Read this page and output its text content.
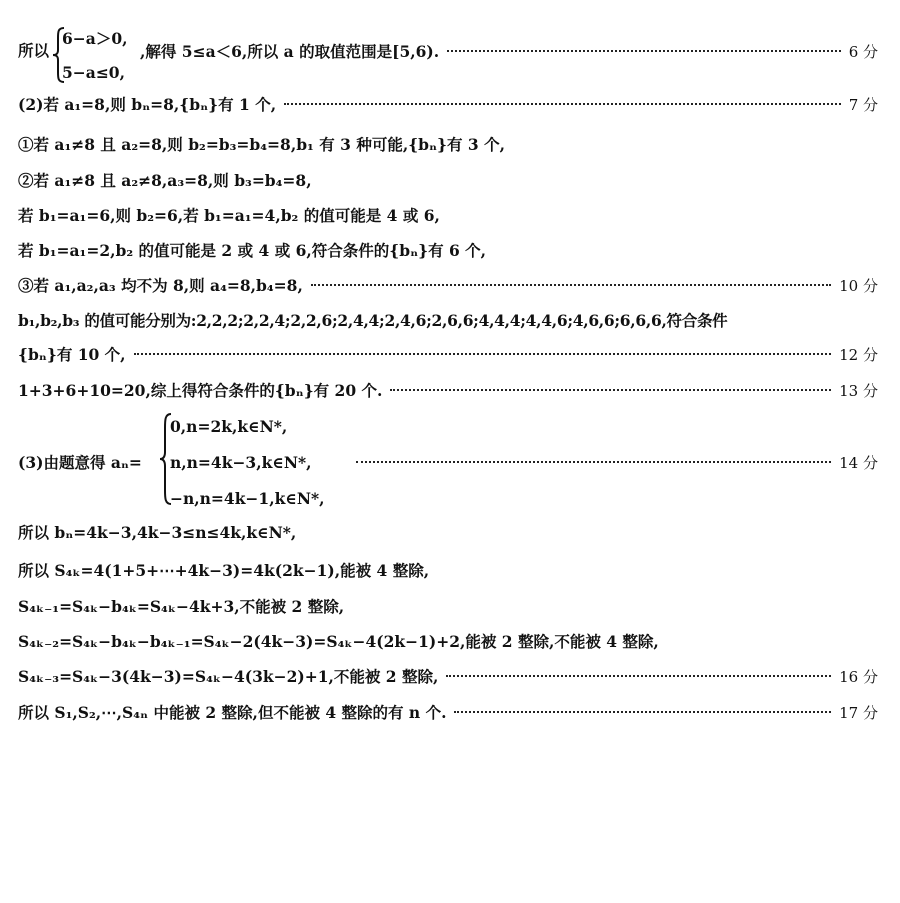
所以
6−a＞0,
5−a≤0,
,解得 5≤a＜6,所以 a 的取值范围是[5,6).	6 分
(2)若 a₁=8,则 bₙ=8,{bₙ}有 1 个,	7 分
①若 a₁≠8 且 a₂=8,则 b₂=b₃=b₄=8,b₁ 有 3 种可能,{bₙ}有 3 个,
②若 a₁≠8 且 a₂≠8,a₃=8,则 b₃=b₄=8,
若 b₁=a₁=6,则 b₂=6,若 b₁=a₁=4,b₂ 的值可能是 4 或 6,
若 b₁=a₁=2,b₂ 的值可能是 2 或 4 或 6,符合条件的{bₙ}有 6 个,
③若 a₁,a₂,a₃ 均不为 8,则 a₄=8,b₄=8,	10 分
b₁,b₂,b₃ 的值可能分别为:2,2,2;2,2,4;2,2,6;2,4,4;2,4,6;2,6,6;4,4,4;4,4,6;4,6,6;6,6,6,符合条件
{bₙ}有 10 个,	12 分
1+3+6+10=20,综上得符合条件的{bₙ}有 20 个.	13 分
(3)由题意得 aₙ=
0,n=2k,k∈N*,
n,n=4k−3,k∈N*,
−n,n=4k−1,k∈N*,
14 分
所以 bₙ=4k−3,4k−3≤n≤4k,k∈N*,
所以 S₄ₖ=4(1+5+⋯+4k−3)=4k(2k−1),能被 4 整除,
S₄ₖ₋₁=S₄ₖ−b₄ₖ=S₄ₖ−4k+3,不能被 2 整除,
S₄ₖ₋₂=S₄ₖ−b₄ₖ−b₄ₖ₋₁=S₄ₖ−2(4k−3)=S₄ₖ−4(2k−1)+2,能被 2 整除,不能被 4 整除,
S₄ₖ₋₃=S₄ₖ−3(4k−3)=S₄ₖ−4(3k−2)+1,不能被 2 整除,	16 分
所以 S₁,S₂,⋯,S₄ₙ 中能被 2 整除,但不能被 4 整除的有 n 个.	17 分
